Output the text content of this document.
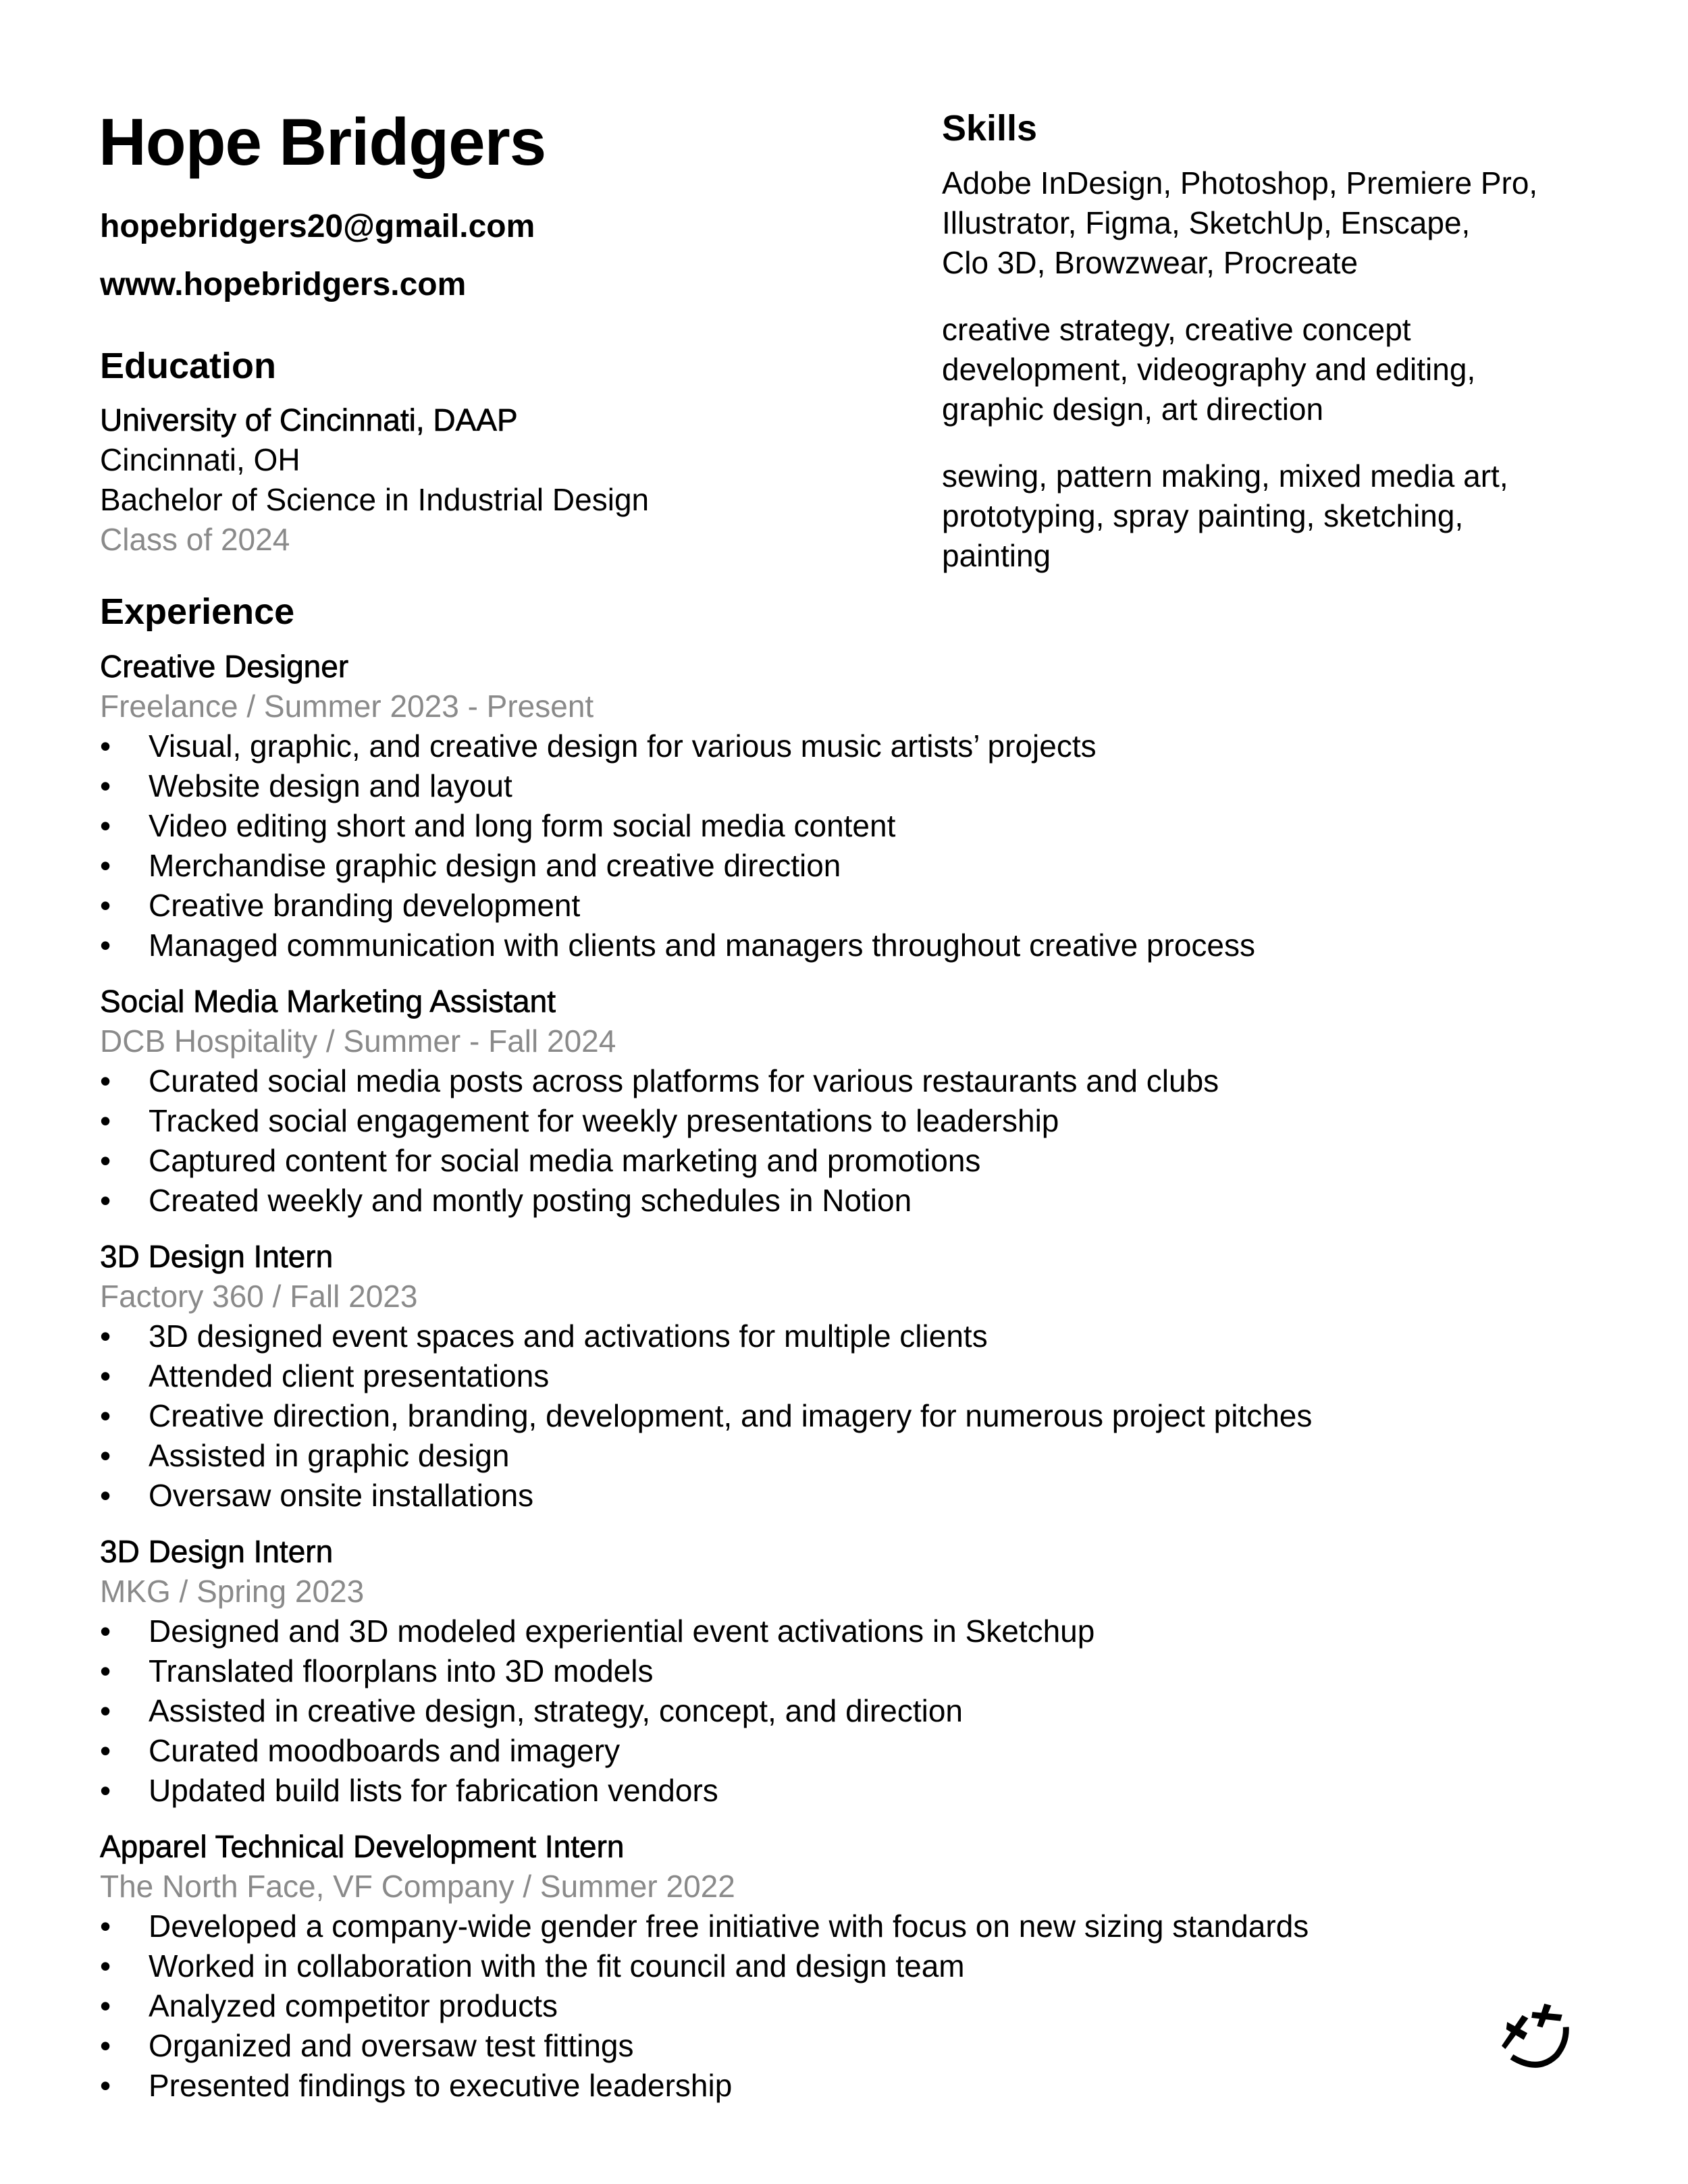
Hope Bridgers
hopebridgers20@gmail.com
www.hopebridgers.com
Education
University of Cincinnati, DAAP
Cincinnati, OH
Bachelor of Science in Industrial Design
Class of 2024
Skills
Adobe InDesign, Photoshop, Premiere Pro,
Illustrator, Figma, SketchUp, Enscape,
Clo 3D, Browzwear, Procreate
creative strategy, creative concept
development, videography and editing,
graphic design, art direction
sewing, pattern making, mixed media art,
prototyping, spray painting, sketching,
painting
Experience
Creative Designer
Freelance / Summer 2023 - Present
• Visual, graphic, and creative design for various music artists’ projects
• Website design and layout
• Video editing short and long form social media content
• Merchandise graphic design and creative direction
• Creative branding development
• Managed communication with clients and managers throughout creative process
Social Media Marketing Assistant
DCB Hospitality / Summer - Fall 2024
• Curated social media posts across platforms for various restaurants and clubs
• Tracked social engagement for weekly presentations to leadership
• Captured content for social media marketing and promotions
• Created weekly and montly posting schedules in Notion
3D Design Intern
Factory 360 / Fall 2023
• 3D designed event spaces and activations for multiple clients
• Attended client presentations
• Creative direction, branding, development, and imagery for numerous project pitches
• Assisted in graphic design
• Oversaw onsite installations
3D Design Intern
MKG / Spring 2023
• Designed and 3D modeled experiential event activations in Sketchup
• Translated floorplans into 3D models
• Assisted in creative design, strategy, concept, and direction
• Curated moodboards and imagery
• Updated build lists for fabrication vendors
Apparel Technical Development Intern
The North Face, VF Company / Summer 2022
• Developed a company-wide gender free initiative with focus on new sizing standards
• Worked in collaboration with the fit council and design team
• Analyzed competitor products
• Organized and oversaw test fittings
• Presented findings to executive leadership
